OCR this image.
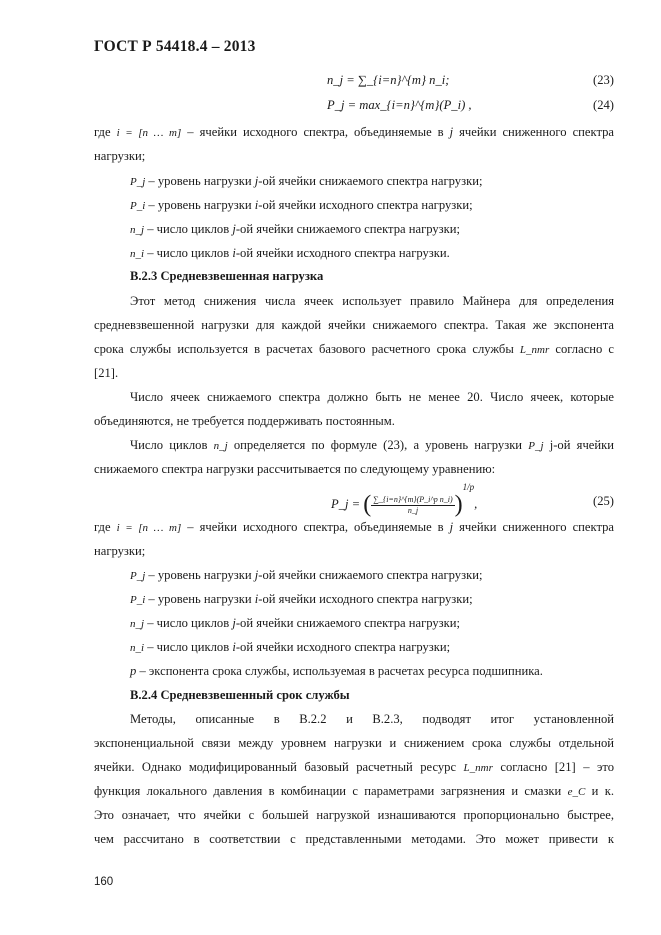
ГОСТ Р 54418.4 – 2013
n_j = ∑_{i=n}^{m} n_i;	(23)
P_j = max_{i=n}^{m}(P_i) ,	(24)
где i = [n … m] – ячейки исходного спектра, объединяемые в j ячейки сниженного спектра
нагрузки;
P_j – уровень нагрузки j-ой ячейки снижаемого спектра нагрузки;
P_i – уровень нагрузки i-ой ячейки исходного спектра нагрузки;
n_j – число циклов j-ой ячейки снижаемого спектра нагрузки;
n_i – число циклов i-ой ячейки исходного спектра нагрузки.
В.2.3 Средневзвешенная нагрузка
Этот метод снижения числа ячеек использует правило Майнера для определения
средневзвешенной нагрузки для каждой ячейки снижаемого спектра. Такая же экспонента
срока службы используется в расчетах базового расчетного срока службы L_nmr согласно с
[21].
Число ячеек снижаемого спектра должно быть не менее 20. Число ячеек, которые
объединяются, не требуется поддерживать постоянным.
Число циклов n_j определяется по формуле (23), а уровень нагрузки P_j j-ой ячейки
снижаемого спектра нагрузки рассчитывается по следующему уравнению:
P_j = ( $\frac{\text{∑\_\{i=n\}\textasciicircum{}\{m\}(P\_i\textasciicircum{}p n\_i)}}{n\_j} )^{1/p}$,	(25)
где i = [n … m] – ячейки исходного спектра, объединяемые в j ячейки сниженного спектра
нагрузки;
P_j – уровень нагрузки j-ой ячейки снижаемого спектра нагрузки;
P_i – уровень нагрузки i-ой ячейки исходного спектра нагрузки;
n_j – число циклов j-ой ячейки снижаемого спектра нагрузки;
n_i – число циклов i-ой ячейки исходного спектра нагрузки;
p – экспонента срока службы, используемая в расчетах ресурса подшипника.
В.2.4 Средневзвешенный срок службы
Методы, описанные в В.2.2 и В.2.3, подводят итог установленной
экспоненциальной связи между уровнем нагрузки и снижением срока службы отдельной
ячейки. Однако модифицированный базовый расчетный ресурс L_nmr согласно [21] – это
функция локального давления в комбинации с параметрами загрязнения и смазки e_C и к.
Это означает, что ячейки с большей нагрузкой изнашиваются пропорционально быстрее,
чем рассчитано в соответствии с представленными методами. Это может привести к
160
